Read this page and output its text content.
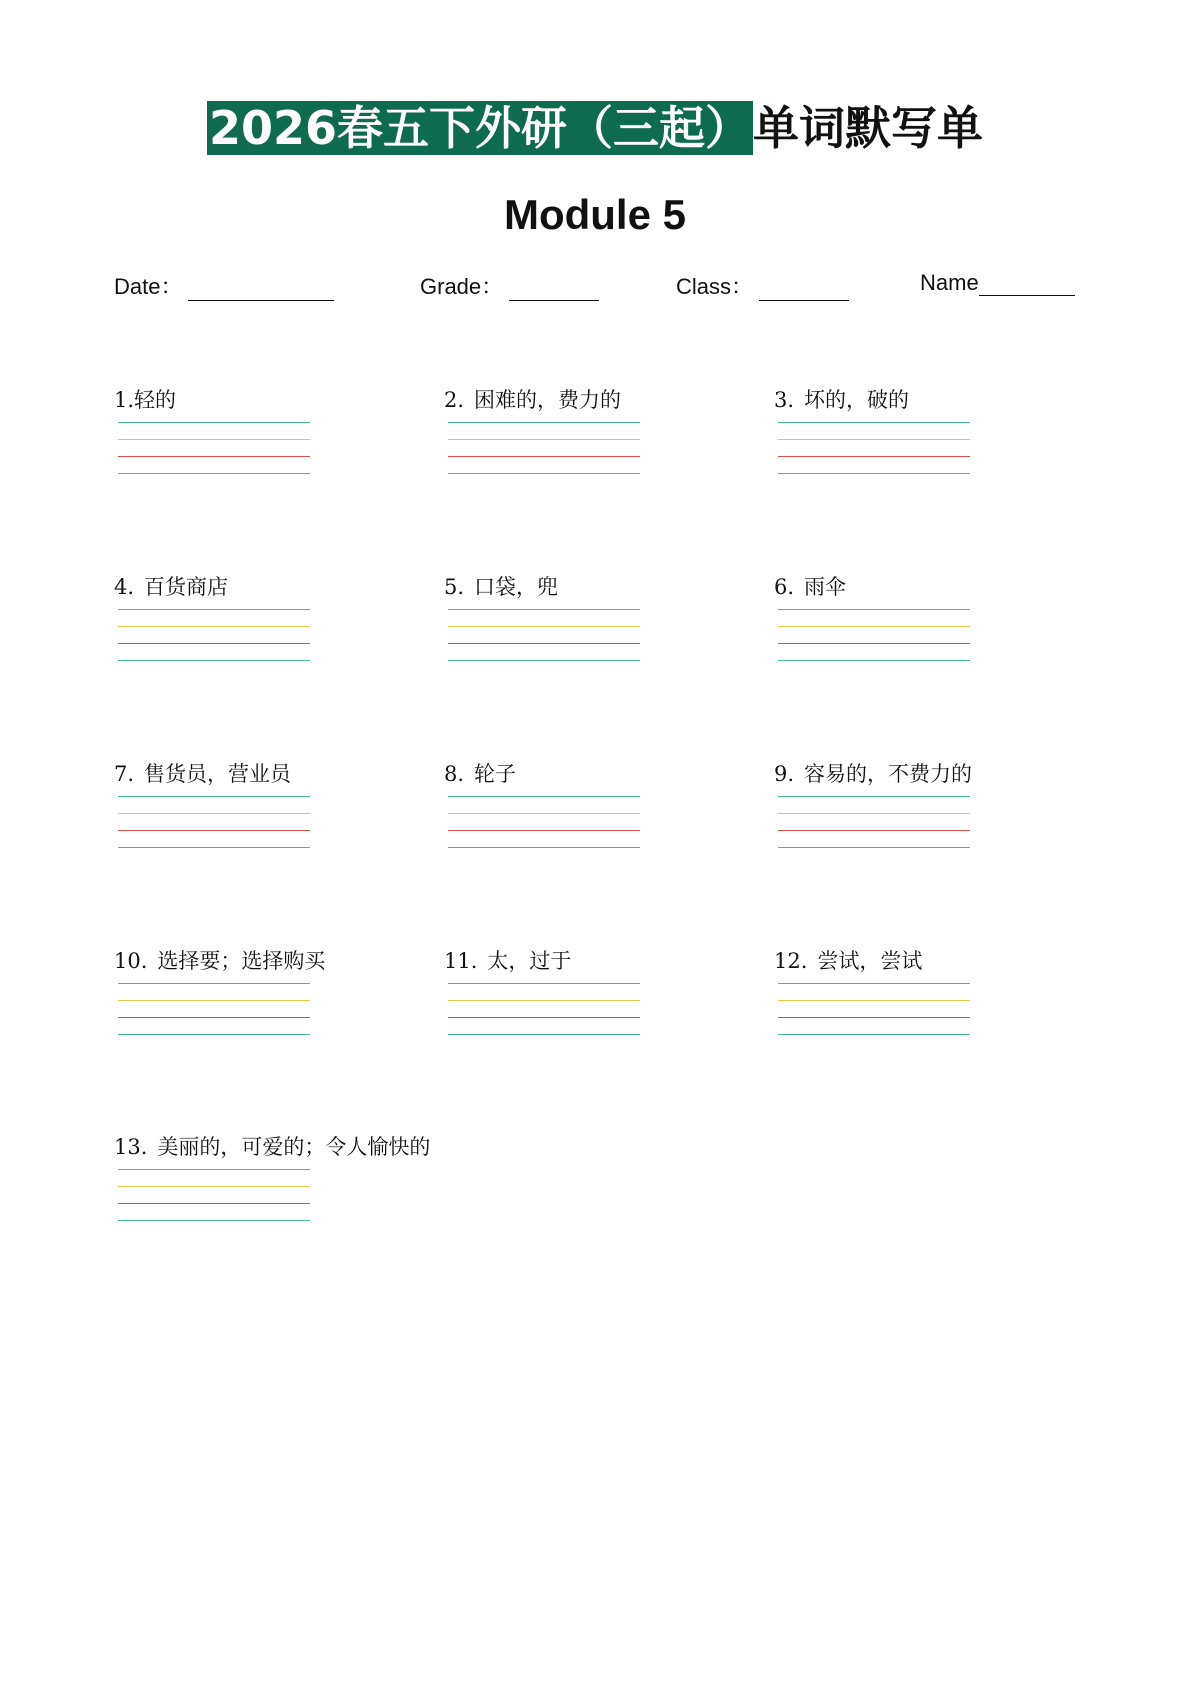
2026春五下外研（三起）单词默写单
Module 5
Date：	Grade：	Class：	Name
1.轻的	2. 困难的，费力的	3. 坏的，破的
4. 百货商店	5. 口袋，兜	6. 雨伞
7. 售货员，营业员	8. 轮子	9. 容易的，不费力的
10. 选择要；选择购买	11. 太，过于	12. 尝试，尝试
13. 美丽的，可爱的；令人愉快的
